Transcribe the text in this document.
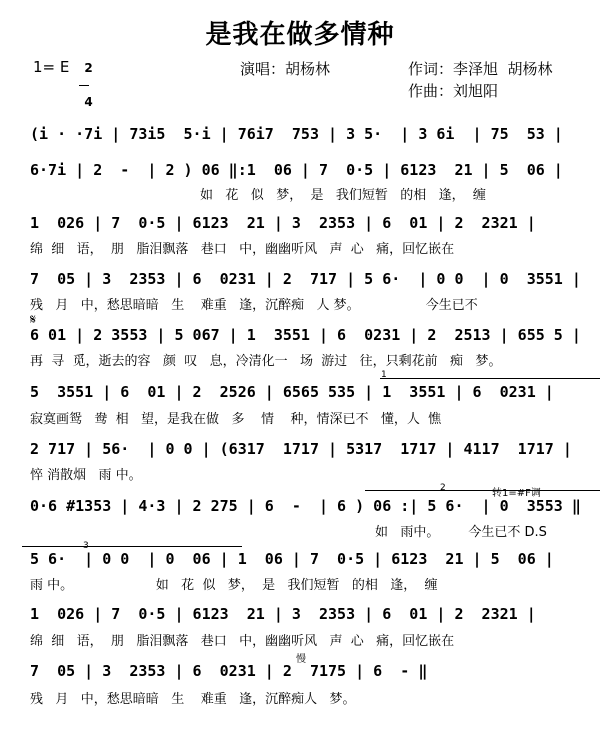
是我在做多情种
1= E	2

4

演唱：胡杨林	作词：李泽旭  胡杨林
作曲：刘旭阳
𝄋
1
2
3
转1=#F调
慢
(i · ·7i | 73i5  5·i | 76i7  753 | 3 5·  | 3 6i  | 75  53 |
6·7i | 2  -  | 2 ) 06 ‖:1  06 | 7  0·5 | 6123  21 | 5  06 |
如   花   似   梦，  是   我们短暂   的相   逢，  缠
1  026 | 7  0·5 | 6123  21 | 3  2353 | 6  01 | 2  2321 |
绵  细   语，  朋   脂泪飘落   巷口   中，幽幽听风   声  心   痛，回忆嵌在
7  05 | 3  2353 | 6  0231 | 2  717 | 5 6·  | 0 0  | 0  3551 |
残   月   中，愁思暗暗   生    难重   逢，沉醉痴   人 梦。                今生已不
6 01 | 2 3553 | 5 067 | 1  3551 | 6  0231 | 2  2513 | 655 5 |
再  寻  觅，逝去的容   颜  叹   息，冷清化一   场  游过   往，只剩花前   痴   梦。
5  3551 | 6  01 | 2  2526 | 6565 535 | 1  3551 | 6  0231 |
寂寞画鸳   鸯  相   望，是我在做   多    情    种，情深已不   懂，人  憔
2 717 | 56·  | 0 0 | (6317  1717 | 5317  1717 | 4117  1717 |
悴 消散烟   雨 中。
0·6 #1353 | 4·3 | 2 275 | 6  -  | 6 ) 06 :| 5 6·  | 0  3553 ‖
如   雨中。       今生已不 D.S
5 6·  | 0 0  | 0  06 | 1  06 | 7  0·5 | 6123  21 | 5  06 |
雨 中。                    如   花  似   梦，  是   我们短暂   的相   逢，  缠
1  026 | 7  0·5 | 6123  21 | 3  2353 | 6  01 | 2  2321 |
绵  细   语，  朋   脂泪飘落   巷口   中，幽幽听风   声  心   痛，回忆嵌在
7  05 | 3  2353 | 6  0231 | 2  7175 | 6  - ‖
残   月   中，愁思暗暗   生    难重   逢，沉醉痴人   梦。
